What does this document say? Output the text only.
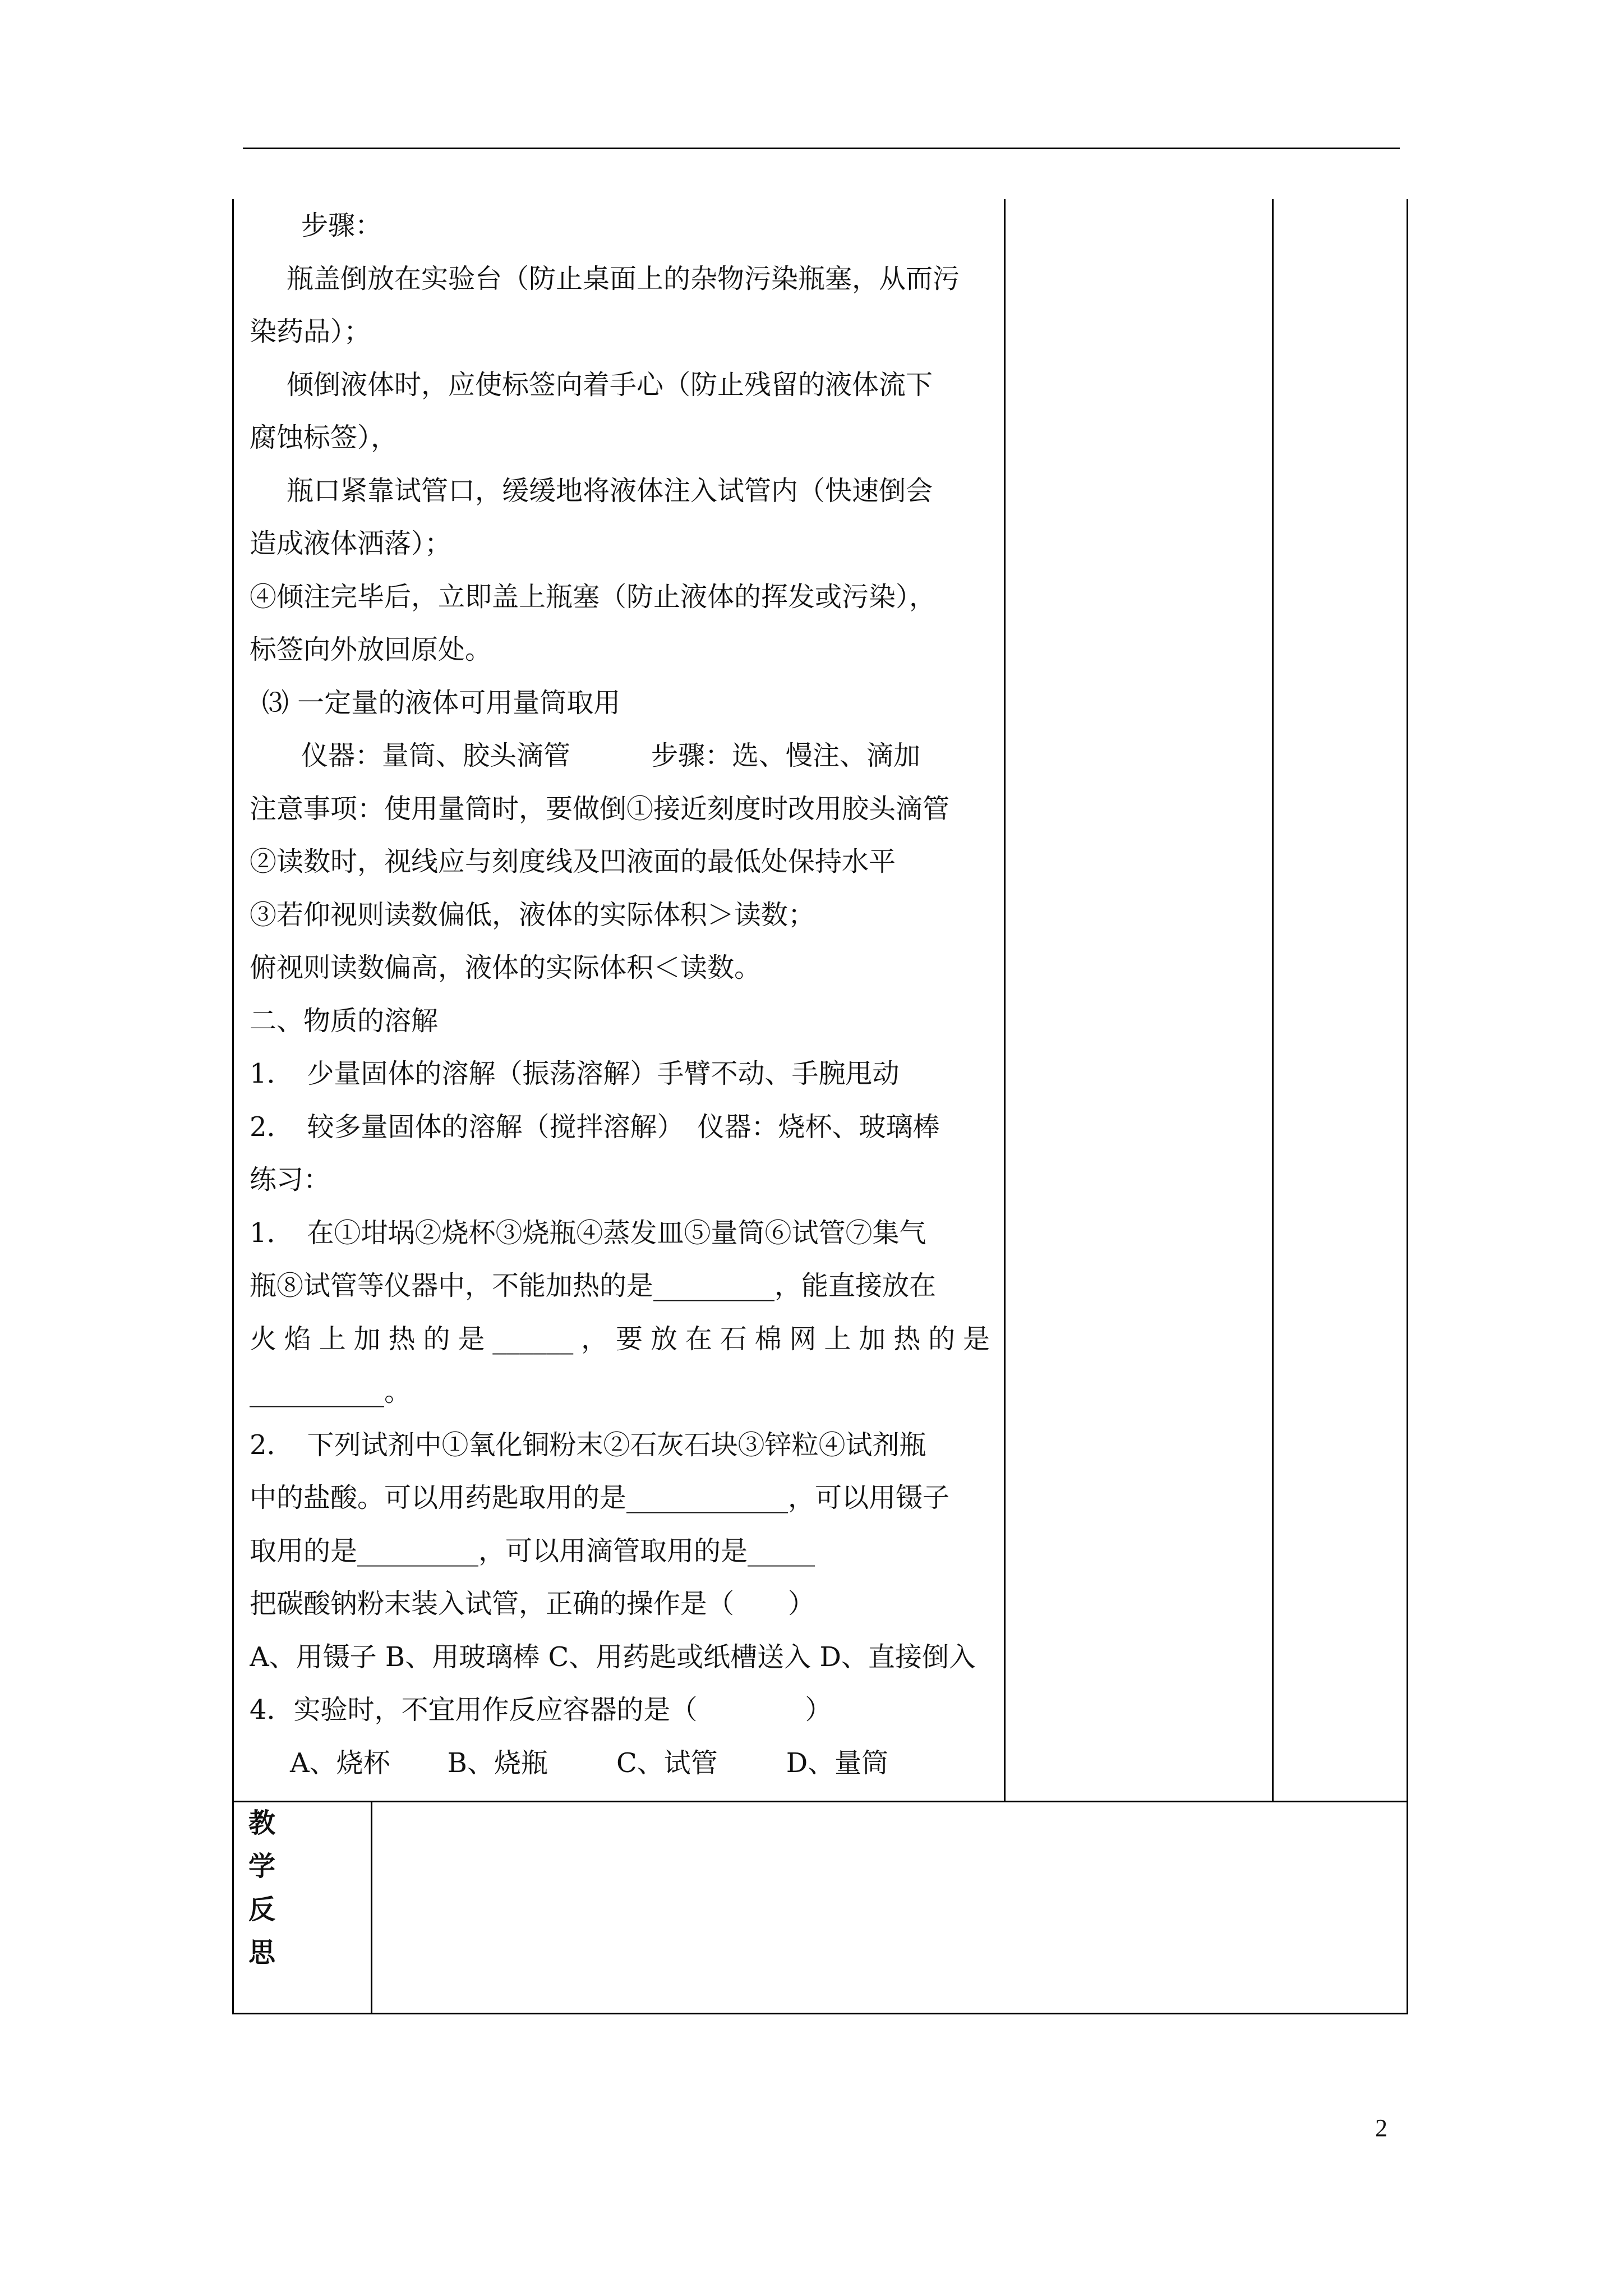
步骤：
瓶盖倒放在实验台（防止桌面上的杂物污染瓶塞，从而污
染药品）；
倾倒液体时，应使标签向着手心（防止残留的液体流下
腐蚀标签），
瓶口紧靠试管口，缓缓地将液体注入试管内（快速倒会
造成液体洒落）；
④倾注完毕后，立即盖上瓶塞（防止液体的挥发或污染），
标签向外放回原处。
⑶ 一定量的液体可用量筒取用
仪器：量筒、胶头滴管　　　步骤：选、慢注、滴加
注意事项：使用量筒时，要做倒①接近刻度时改用胶头滴管
②读数时，视线应与刻度线及凹液面的最低处保持水平
③若仰视则读数偏低，液体的实际体积＞读数；
俯视则读数偏高，液体的实际体积＜读数。
二、物质的溶解
1．　少量固体的溶解（振荡溶解）手臂不动、手腕甩动
2．　较多量固体的溶解（搅拌溶解）　仪器：烧杯、玻璃棒
练习：
1．　在①坩埚②烧杯③烧瓶④蒸发皿⑤量筒⑥试管⑦集气
瓶⑧试管等仪器中，不能加热的是_________，能直接放在
火焰上加热的是______，要放在石棉网上加热的是
__________。
2．　下列试剂中①氧化铜粉末②石灰石块③锌粒④试剂瓶
中的盐酸。可以用药匙取用的是____________，可以用镊子
取用的是_________，可以用滴管取用的是_____
把碳酸钠粉末装入试管，正确的操作是（　　）
A、用镊子 B、用玻璃棒 C、用药匙或纸槽送入 D、直接倒入
4．实验时，不宜用作反应容器的是（　　　　）
A、烧杯 B、烧瓶	C、试管	D、量筒
教
学
反
思
2
